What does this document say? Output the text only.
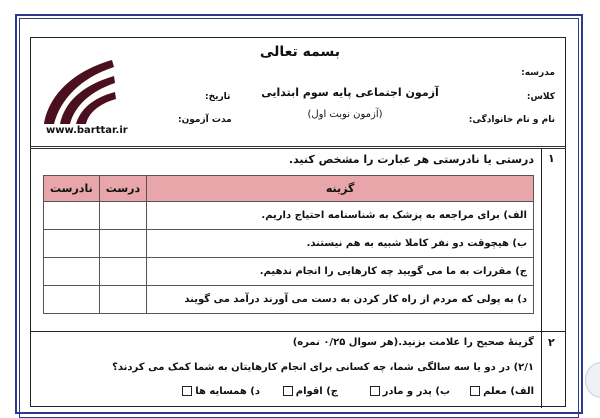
بسمه تعالی
مدرسه:
کلاس:
نام و نام خانوادگی:
آزمون اجتماعی پایه سوم ابتدایی
(آزمون نوبت اول)
تاریخ:
مدت آزمون:
www.barttar.ir
۱
درستی یا نادرستی هر عبارت را مشخص کنید.
نادرست	درست	گزینه
		الف) برای مراجعه به پزشک به شناسنامه احتیاج داریم.
		ب) هیچوقت دو نفر کاملا شبیه به هم نیستند.
		ج) مقررات به ما می گویید چه کارهایی را انجام ندهیم.
		د) به پولی که مردم از راه کار کردن به دست می آورند درآمد می گویند
۲
گزینۀ صحیح را علامت بزنید.(هر سوال ۰/۲۵ نمره)
۲/۱) در دو یا سه سالگی شما، چه کسانی برای انجام کارهایتان به شما کمک می کردند؟
الف) معلم
ب) پدر و مادر
ج) اقوام
د) همسایه ها
